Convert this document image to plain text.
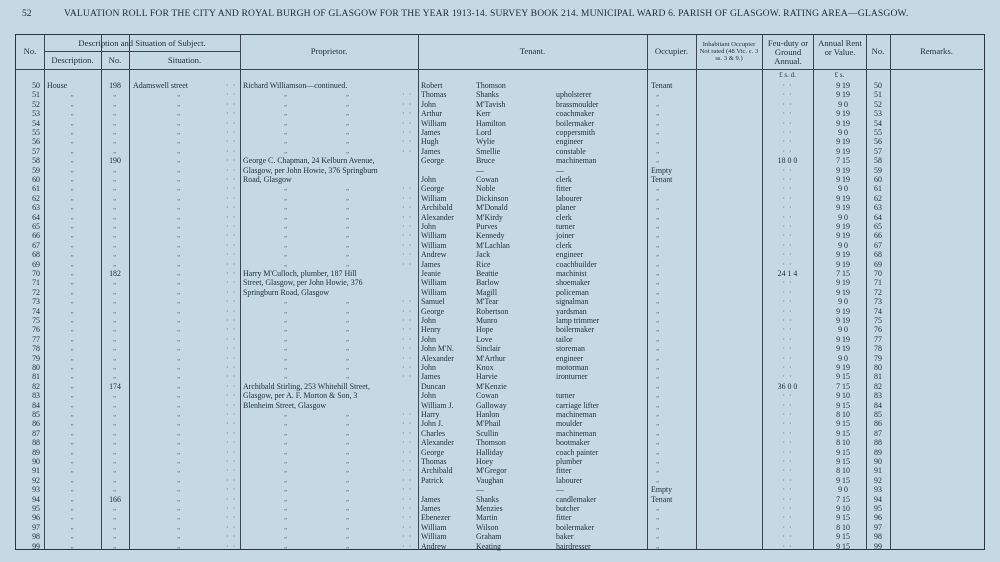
52	VALUATION ROLL FOR THE CITY AND ROYAL BURGH OF GLASGOW FOR THE YEAR 1913-14. SURVEY BOOK 214. MUNICIPAL WARD 6. PARISH OF GLASGOW. RATING AREA—GLASGOW.
No.
Description and Situation of Subject.
Description.	No.	Situation.
Proprietor.	Tenant.	Occupier.
Inhabitant Occupier Not rated (48 Vic. c. 3 ss. 3 & 9.)
Feu-duty or Ground Annual.
Annual Rent or Value.	No.	Remarks.
£ s. d.	£ s.
50 House	198	Adamswell street	· · Richard Williamson—continued.	Robert	Thomson	Tenant	· ·	9 19	50
51	„	„	„	· ·	„	„	· · Thomas	Shanks	upholsterer	„	· ·	9 19	51
52	„	„	„	· ·	„	„	· · John	M'Tavish	brassmoulder	„	· ·	9 0	52
53	„	„	„	· ·	„	„	· · Arthur	Kerr	coachmaker	„	· ·	9 19	53
54	„	„	„	· ·	„	„	· · William	Hamilton	boilermaker	„	· ·	9 19	54
55	„	„	„	· ·	„	„	· · James	Lord	coppersmith	„	· ·	9 0	55
56	„	„	„	· ·	„	„	· · Hugh	Wylie	engineer	„	· ·	9 19	56
57	„	„	„	· ·	„	„	· · James	Smellie	constable	„	· ·	9 19	57
58	„	190	„	· · George C. Chapman, 24 Kelburn Avenue,	George	Bruce	machineman	„	18 0 0	7 15	58
59	„	„	„	· · Glasgow, per John Howie, 376 Springburn	—	—	Empty	· ·	9 19	59
60	„	„	„	· · Road, Glasgow	John	Cowan	clerk	Tenant	· ·	9 19	60
61	„	„	„	· ·	„	„	· · George	Noble	fitter	„	· ·	9 0	61
62	„	„	„	· ·	„	„	· · William	Dickinson	labourer	„	· ·	9 19	62
63	„	„	„	· ·	„	„	· · Archibald	M'Donald	planer	„	· ·	9 19	63
64	„	„	„	· ·	„	„	· · Alexander	M'Kirdy	clerk	„	· ·	9 0	64
65	„	„	„	· ·	„	„	· · John	Purves	turner	„	· ·	9 19	65
66	„	„	„	· ·	„	„	· · William	Kennedy	joiner	„	· ·	9 19	66
67	„	„	„	· ·	„	„	· · William	M'Lachlan	clerk	„	· ·	9 0	67
68	„	„	„	· ·	„	„	· · Andrew	Jack	engineer	„	· ·	9 19	68
69	„	„	„	· ·	„	„	· · James	Rice	coachbuilder	„	· ·	9 19	69
70	„	182	„	· · Harry M'Culloch, plumber, 187 Hill	Jeanie	Beattie	machinist	„	24 1 4	7 15	70
71	„	„	„	· · Street, Glasgow, per John Howie, 376	William	Barlow	shoemaker	„	· ·	9 19	71
72	„	„	„	· · Springburn Road, Glasgow	William	Magill	policeman	„	· ·	9 19	72
73	„	„	„	· ·	„	„	· · Samuel	M'Tear	signalman	„	· ·	9 0	73
74	„	„	„	· ·	„	„	· · George	Robertson	yardsman	„	· ·	9 19	74
75	„	„	„	· ·	„	„	· · John	Munro	lamp trimmer	„	· ·	9 19	75
76	„	„	„	· ·	„	„	· · Henry	Hope	boilermaker	„	· ·	9 0	76
77	„	„	„	· ·	„	„	· · John	Love	tailor	„	· ·	9 19	77
78	„	„	„	· ·	„	„	· · John M'N.	Sinclair	storeman	„	· ·	9 19	78
79	„	„	„	· ·	„	„	· · Alexander	M'Arthur	engineer	„	· ·	9 0	79
80	„	„	„	· ·	„	„	· · John	Knox	motorman	„	· ·	9 19	80
81	„	„	„	· ·	„	„	· · James	Harvie	ironturner	„	· ·	9 15	81
82	„	174	„	· · Archibald Stirling, 253 Whitehill Street,	Duncan	M'Kenzie	„	36 0 0	7 15	82
83	„	„	„	· · Glasgow, per A. F. Morton & Son, 3	John	Cowan	turner	„	· ·	9 10	83
84	„	„	„	· · Blenheim Street, Glasgow	William J.	Galloway	carriage lifter	„	· ·	9 15	84
85	„	„	„	· ·	„	„	· · Harry	Hanlon	machineman	„	· ·	8 10	85
86	„	„	„	· ·	„	„	· · John J.	M'Phail	moulder	„	· ·	9 15	86
87	„	„	„	· ·	„	„	· · Charles	Scullin	machineman	„	· ·	9 15	87
88	„	„	„	· ·	„	„	· · Alexander	Thomson	bootmaker	„	· ·	8 10	88
89	„	„	„	· ·	„	„	· · George	Halliday	coach painter	„	· ·	9 15	89
90	„	„	„	· ·	„	„	· · Thomas	Hoey	plumber	„	· ·	9 15	90
91	„	„	„	· ·	„	„	· · Archibald	M'Gregor	fitter	„	· ·	8 10	91
92	„	„	„	· ·	„	„	· · Patrick	Vaughan	labourer	„	· ·	9 15	92
93	„	„	„	· ·	„	„	· ·	—	—	Empty	· ·	9 0	93
94	„	166	„	· ·	„	„	· · James	Shanks	candlemaker	Tenant	· ·	7 15	94
95	„	„	„	· ·	„	„	· · James	Menzies	butcher	„	· ·	9 10	95
96	„	„	„	· ·	„	„	· · Ebenezer	Martin	fitter	„	· ·	9 15	96
97	„	„	„	· ·	„	„	· · William	Wilson	boilermaker	„	· ·	8 10	97
98	„	„	„	· ·	„	„	· · William	Graham	baker	„	· ·	9 15	98
99	„	„	„	· ·	„	„	· · Andrew	Keating	hairdresser	„	· ·	9 15	99
